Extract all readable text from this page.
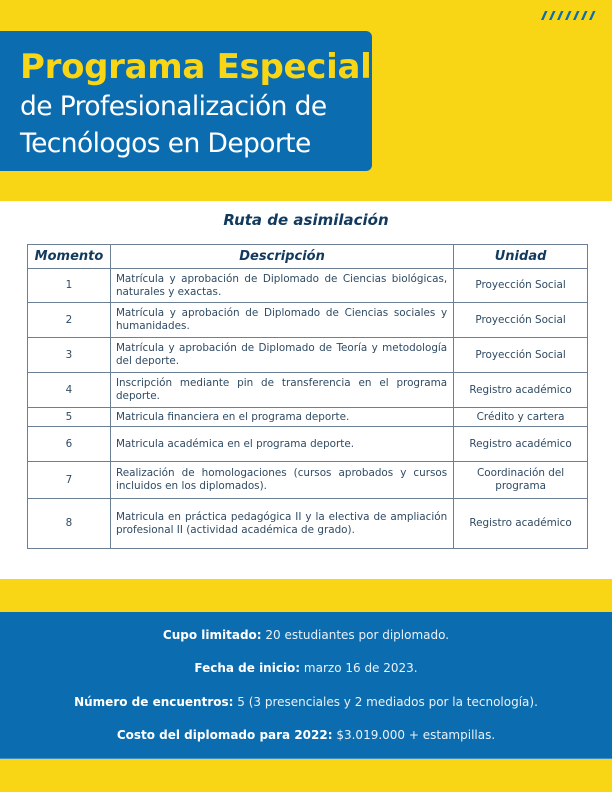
Programa Especial
de Profesionalización de
Tecnólogos en Deporte
Ruta de asimilación
Momento	Descripción	Unidad
1	Matrícula y aprobación de Diplomado de Ciencias biológicas, naturales y exactas.	Proyección Social
2	Matrícula y aprobación de Diplomado de Ciencias sociales y humanidades.	Proyección Social
3	Matrícula y aprobación de Diplomado de Teoría y metodología del deporte.	Proyección Social
4	Inscripción mediante pin de transferencia en el programa deporte.	Registro académico
5	Matricula financiera en el programa deporte.	Crédito y cartera
6	Matricula académica en el programa deporte.	Registro académico
7	Realización de homologaciones (cursos aprobados y cursos incluidos en los diplomados).	Coordinación del programa
8	Matricula en práctica pedagógica II y la electiva de ampliación profesional II (actividad académica de grado).	Registro académico
Cupo limitado: 20 estudiantes por diplomado.
Fecha de inicio: marzo 16 de 2023.
Número de encuentros: 5 (3 presenciales y 2 mediados por la tecnología).
Costo del diplomado para 2022: $3.019.000 + estampillas.
